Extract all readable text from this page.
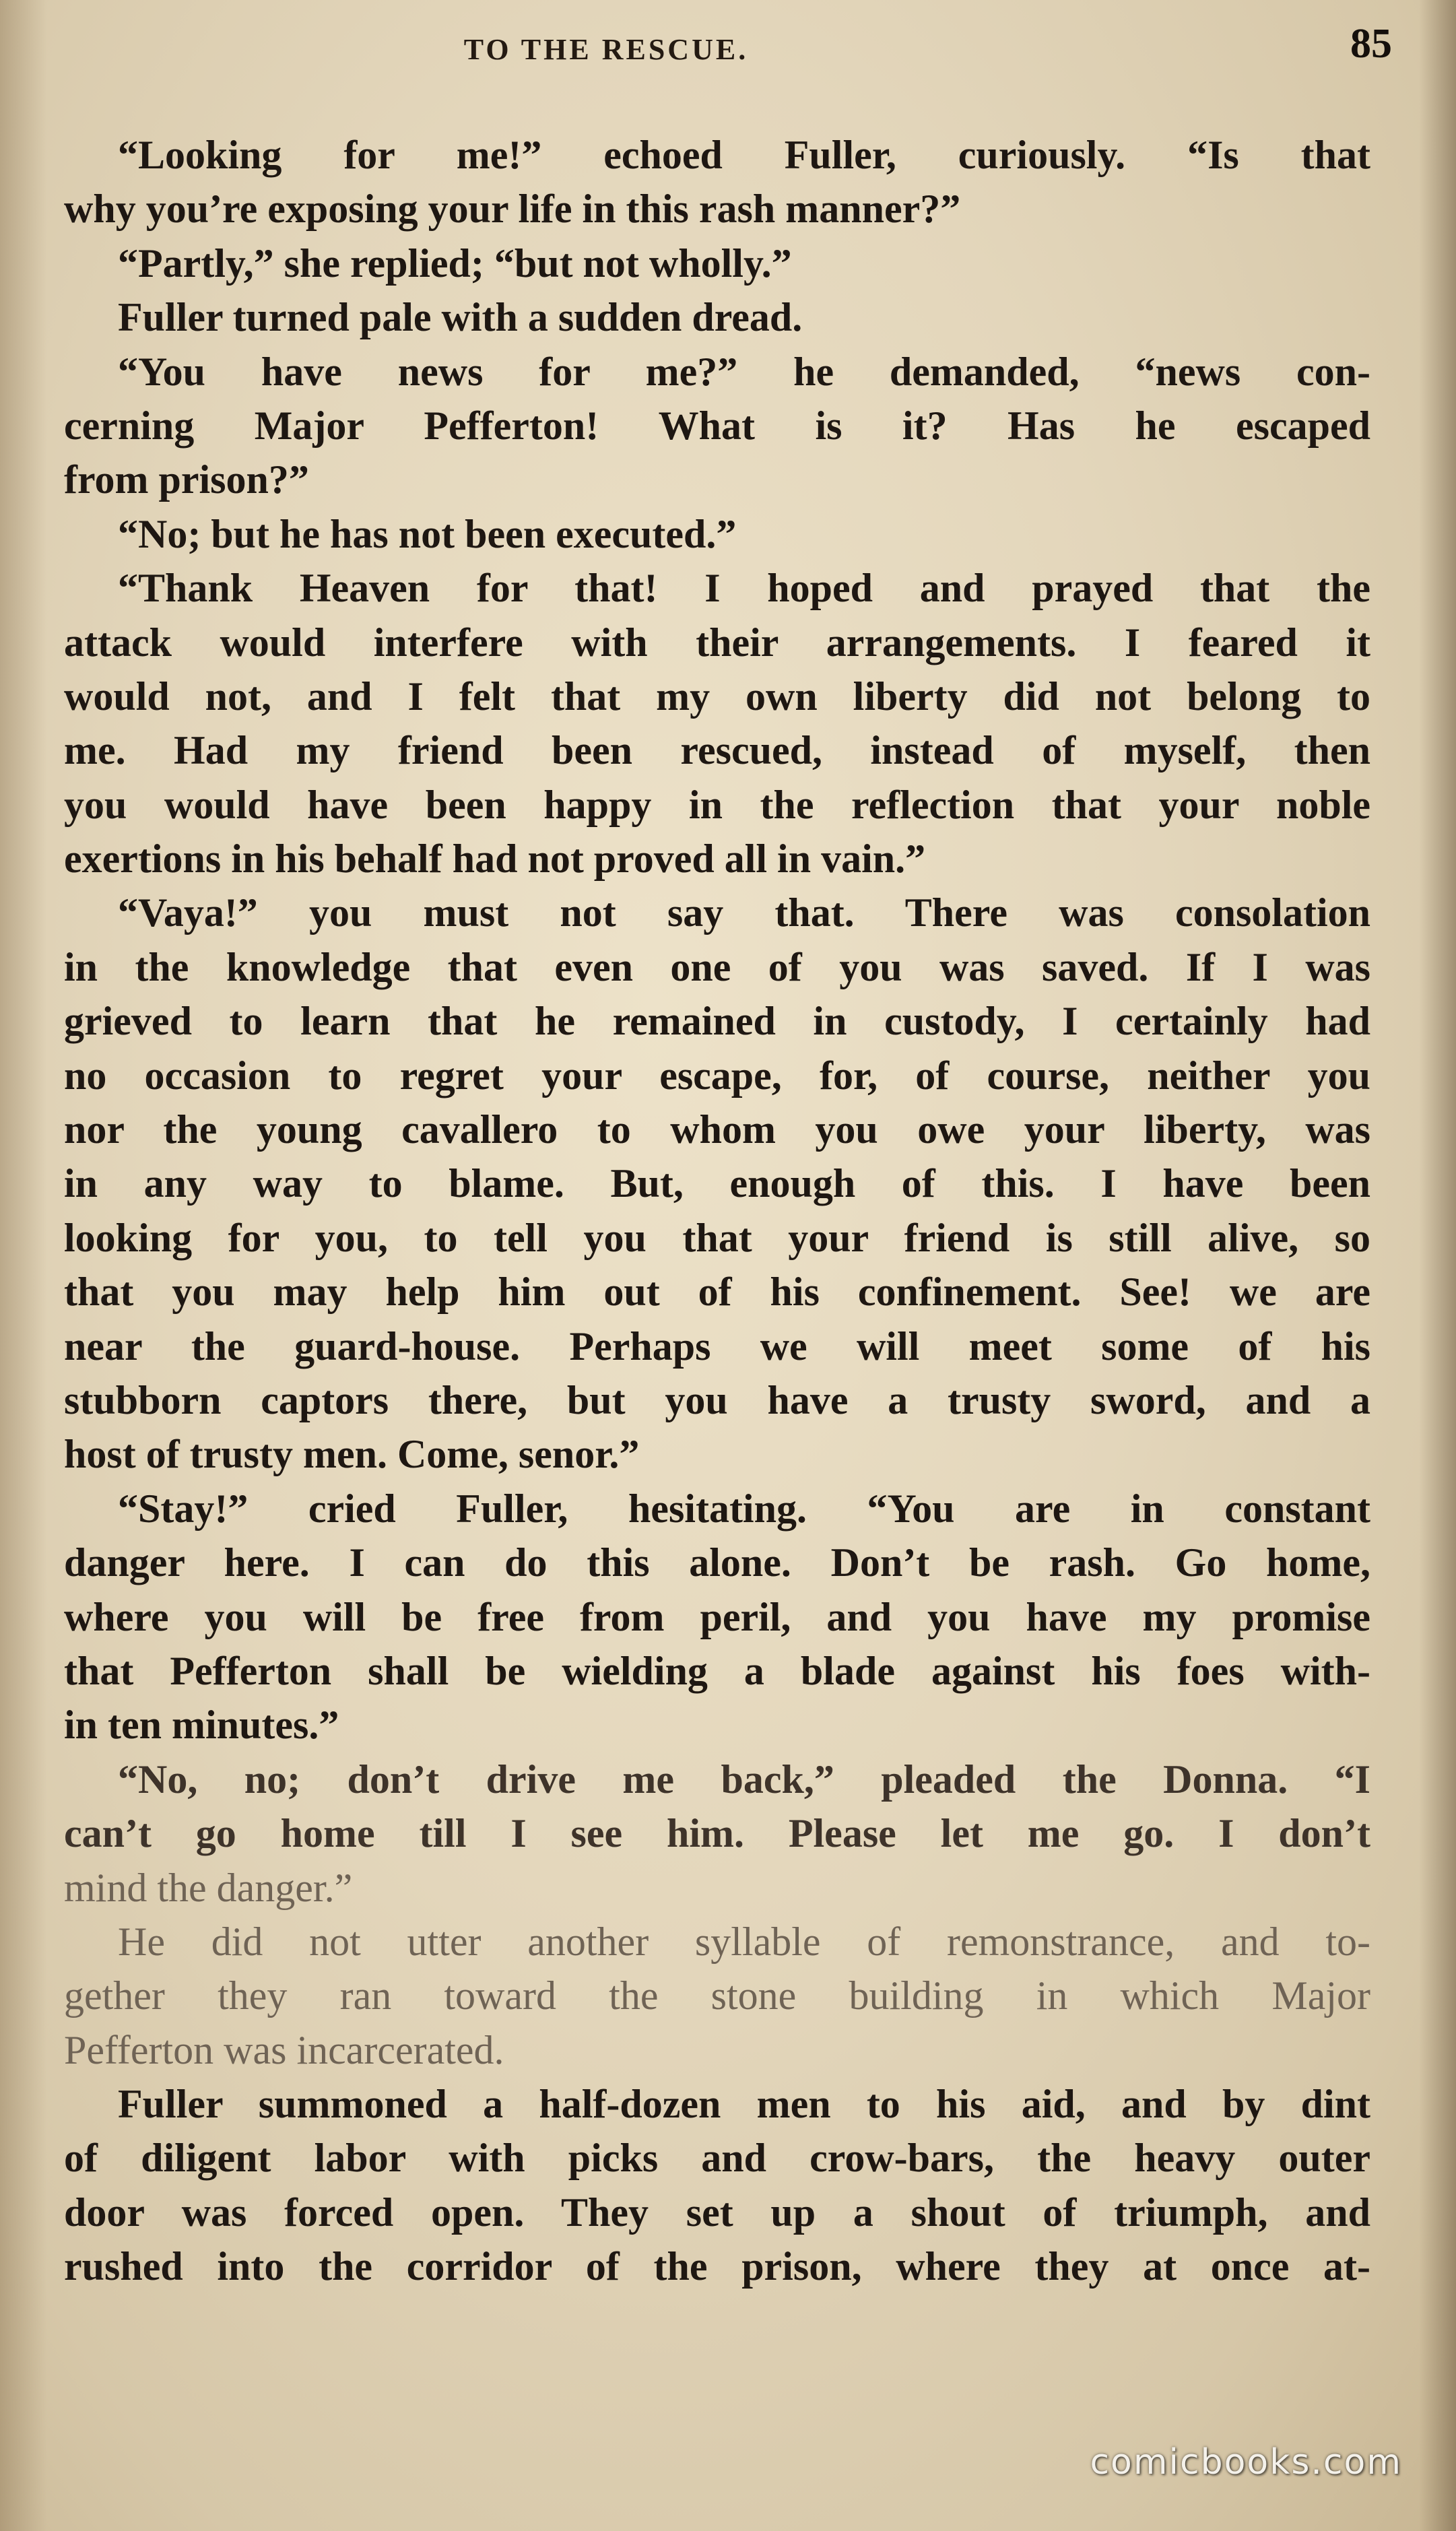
TO THE RESCUE.	85
“Looking for me!” echoed Fuller, curiously. “Is that
why you’re exposing your life in this rash manner?”
“Partly,” she replied; “but not wholly.”
Fuller turned pale with a sudden dread.
“You have news for me?” he demanded, “news con-
cerning Major Pefferton! What is it? Has he escaped
from prison?”
“No; but he has not been executed.”
“Thank Heaven for that! I hoped and prayed that the
attack would interfere with their arrangements. I feared it
would not, and I felt that my own liberty did not belong to
me. Had my friend been rescued, instead of myself, then
you would have been happy in the reflection that your noble
exertions in his behalf had not proved all in vain.”
“Vaya!” you must not say that. There was consolation
in the knowledge that even one of you was saved. If I was
grieved to learn that he remained in custody, I certainly had
no occasion to regret your escape, for, of course, neither you
nor the young cavallero to whom you owe your liberty, was
in any way to blame. But, enough of this. I have been
looking for you, to tell you that your friend is still alive, so
that you may help him out of his confinement. See! we are
near the guard-house. Perhaps we will meet some of his
stubborn captors there, but you have a trusty sword, and a
host of trusty men. Come, senor.”
“Stay!” cried Fuller, hesitating. “You are in constant
danger here. I can do this alone. Don’t be rash. Go home,
where you will be free from peril, and you have my promise
that Pefferton shall be wielding a blade against his foes with-
in ten minutes.”
“No, no; don’t drive me back,” pleaded the Donna. “I
can’t go home till I see him. Please let me go. I don’t
mind the danger.”
He did not utter another syllable of remonstrance, and to-
gether they ran toward the stone building in which Major
Pefferton was incarcerated.
Fuller summoned a half-dozen men to his aid, and by dint
of diligent labor with picks and crow-bars, the heavy outer
door was forced open. They set up a shout of triumph, and
rushed into the corridor of the prison, where they at once at-
comicbooks.com
